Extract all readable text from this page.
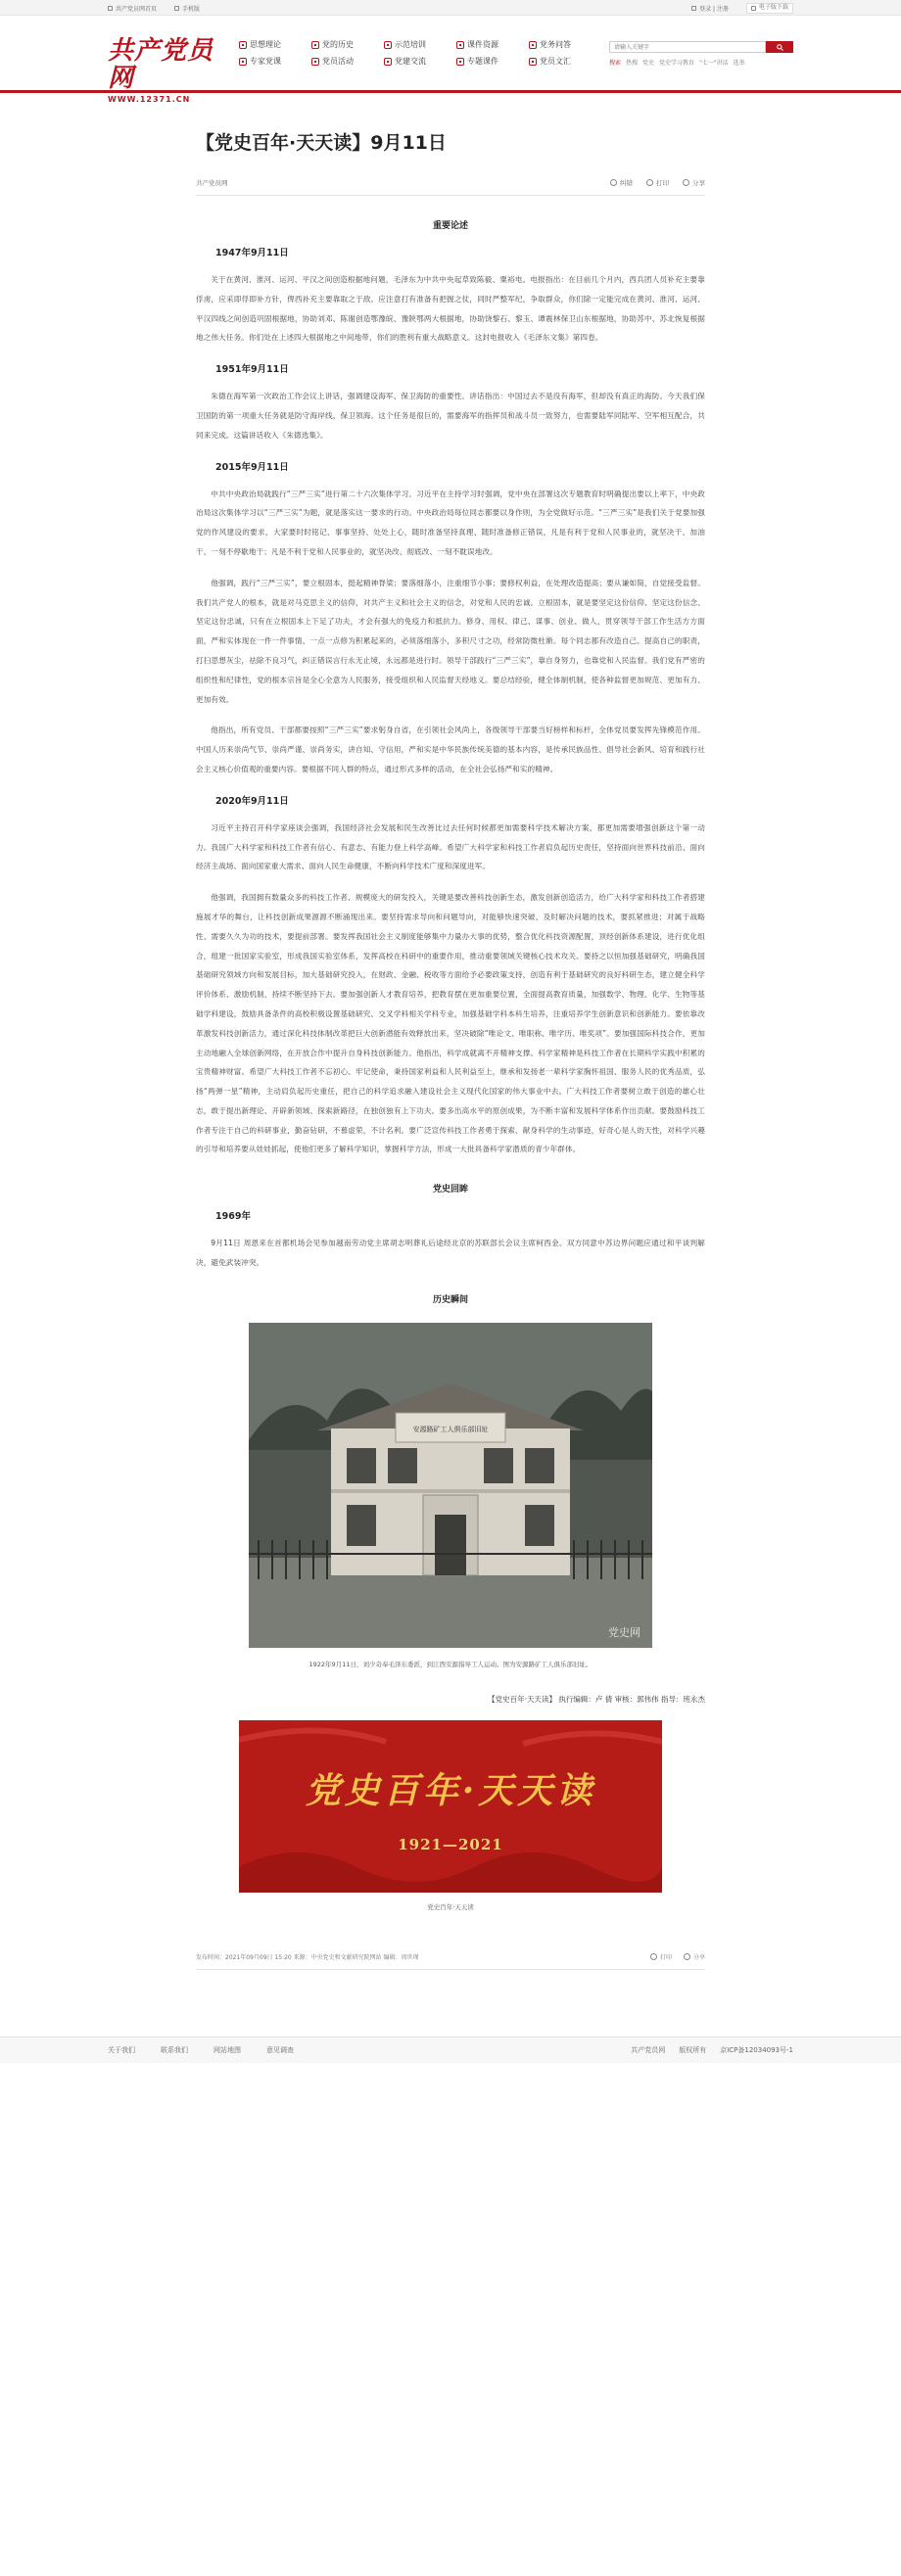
共产党员网首页	手机版	登录 | 注册	电子版下载
共产党员网
WWW.12371.CN
思想理论	党的历史	示范培训	课件资源	党务问答
专家党课	党员活动	党建交流	专题课件	党员文汇
请输入关键字	搜索 热搜 党史 党史学习教育 "七一"讲话 选举
【党史百年·天天读】9月11日
共产党员网	纠错	打印	分享
重要论述
1947年9月11日

关于在黄河、淮河、运河、平汉之间创造根据地问题，毛泽东为中共中央起草致陈毅、粟裕电。电报指出：在目前几个月内，西兵团人员补充主要靠俘虏，应采即俘即补方针，俾西补充主要靠取之于敌。应注意打有准备有把握之仗，同时严整军纪，争取群众，你们除一定能完成在黄河、淮河、运河、平汉四线之间创造巩固根据地，协助刘邓、陈谢创造鄂豫皖、豫陕鄂两大根据地，协助饶黎石、黎玉、谭震林保卫山东根据地，协助苏中、苏北恢复根据地之伟大任务。你们处在上述四大根据地之中间地带，你们的胜利有重大战略意义。这封电报收入《毛泽东文集》第四卷。

1951年9月11日

朱德在海军第一次政治工作会议上讲话，强调建设海军、保卫海防的重要性。讲话指出：中国过去不是没有海军，但却没有真正的海防。今天我们保卫国防的第一项重大任务就是防守海岸线，保卫领海。这个任务是很巨的，需要海军的指挥员和战斗员一致努力，也需要陆军同陆军、空军相互配合，共同来完成。这篇讲话收入《朱德选集》。

2015年9月11日

中共中央政治局就践行“三严三实”进行第二十六次集体学习。习近平在主持学习时强调，党中央在部署这次专题教育时明确提出要以上率下，中央政治局这次集体学习以“三严三实”为题，就是落实这一要求的行动。中央政治局每位同志都要以身作则，为全党做好示范。“三严三实”是我们关于党要加强党的作风建设的要求，大家要时时铭记、事事坚持、处处上心，随时准备坚持真理、随时准备修正错误，凡是有利于党和人民事业的，就坚决干、加油干、一刻不停歇地干；凡是不利于党和人民事业的，就坚决改、彻底改、一刻不耽误地改。

他强调，践行“三严三实”，要立根固本，挺起精神脊梁；要落细落小，注重细节小事；要修权利益，在处理改造提高；要从谦如简，自觉接受监督。我们共产党人的根本，就是对马克思主义的信仰，对共产主义和社会主义的信念，对党和人民的忠诚。立根固本，就是要坚定这份信仰、坚定这份信念、坚定这份忠诚，只有在立根固本上下足了功夫，才会有强大的免疫力和抵抗力。修身、用权、律己、谋事、创业、做人，贯穿领导干部工作生活方方面面，严和实体现在一件一件事情、一点一点修为积累起来的，必须落细落小，多积尺寸之功，经常防微杜渐。每个同志都有改造自己、提高自己的职责，打扫思想灰尘，祛除不良习气，纠正错误言行永无止境，永远都是进行时。领导干部践行“三严三实”，靠自身努力，也靠党和人民监督。我们党有严密的组织性和纪律性，党的根本宗旨是全心全意为人民服务，接受组织和人民监督天经地义。要总结经验，健全体制机制，使各种监督更加规范、更加有力、更加有效。

他指出，所有党员、干部都要按照“三严三实”要求躬身自省，在引领社会风尚上，各级领导干部要当好榜样和标杆，全体党员要发挥先锋模范作用。中国人历来崇尚气节、崇尚严谨、崇尚务实，讲自知、守信用，严和实是中华民族传统美德的基本内容，是传承民族品性、倡导社会新风、培育和践行社会主义核心价值观的重要内容。要根据不同人群的特点，通过形式多样的活动，在全社会弘扬严和实的精神。

2020年9月11日

习近平主持召开科学家座谈会强调，我国经济社会发展和民生改善比过去任何时候都更加需要科学技术解决方案，都更加需要增强创新这个第一动力。我国广大科学家和科技工作者有信心、有意志、有能力登上科学高峰。希望广大科学家和科技工作者肩负起历史责任，坚持面向世界科技前沿、面向经济主战场、面向国家重大需求、面向人民生命健康，不断向科学技术广度和深度进军。

他强调，我国拥有数量众多的科技工作者、规模庞大的研发投入，关键是要改善科技创新生态，激发创新创造活力，给广大科学家和科技工作者搭建施展才华的舞台，让科技创新成果源源不断涌现出来。要坚持需求导向和问题导向，对能够快速突破、及时解决问题的技术，要抓紧推进；对属于战略性、需要久久为功的技术，要提前部署。要发挥我国社会主义制度能够集中力量办大事的优势，整合优化科技资源配置，顶经创新体系建设，进行优化组合，组建一批国家实验室，形成我国实验室体系，发挥高校在科研中的重要作用，推动重要领域关键核心技术攻关。要持之以恒加强基础研究，明确我国基础研究领域方向和发展目标，加大基础研究投入，在财政、金融、税收等方面给予必要政策支持，创造有利于基础研究的良好科研生态，建立健全科学评价体系、激励机制，持续不断坚持下去。要加强创新人才教育培养，把教育摆在更加重要位置，全面提高教育质量，加强数学、物理、化学、生物等基础学科建设，鼓励具备条件的高校积极设置基础研究、交叉学科相关学科专业，加强基础学科本科生培养，注重培养学生创新意识和创新能力。要依靠改革激发科技创新活力，通过深化科技体制改革把巨大创新潜能有效释放出来，坚决破除“唯论文、唯职称、唯学历、唯奖项”。要加强国际科技合作，更加主动地融入全球创新网络，在开放合作中提升自身科技创新能力。他指出，科学成就离不开精神支撑。科学家精神是科技工作者在长期科学实践中积累的宝贵精神财富。希望广大科技工作者不忘初心、牢记使命，秉持国家利益和人民利益至上，继承和发扬老一辈科学家胸怀祖国、服务人民的优秀品质，弘扬“两弹一星”精神，主动肩负起历史重任，把自己的科学追求融入建设社会主义现代化国家的伟大事业中去。广大科技工作者要树立敢于创造的雄心壮志，敢于提出新理论、开辟新领域、探索新路径，在独创独有上下功夫。要多出高水平的原创成果，为不断丰富和发展科学体系作出贡献。要鼓励科技工作者专注于自己的科研事业，勤奋钻研，不慕虚荣，不计名利。要广泛宣传科技工作者勇于探索、献身科学的生动事迹，好奇心是人的天性，对科学兴趣的引导和培养要从娃娃抓起，使他们更多了解科学知识，掌握科学方法，形成一大批具备科学家潜质的青少年群体。

党史回眸
1969年

9月11日 周恩来在首都机场会见参加越南劳动党主席胡志明葬礼后途经北京的苏联部长会议主席柯西金。双方同意中苏边界问题应通过和平谈判解决，避免武装冲突。

历史瞬间
安源路矿工人俱乐部旧址
党史网
1922年9月11日，刘少奇奉毛泽东委派，到江西安源指导工人运动。图为安源路矿工人俱乐部旧址。
【党史百年·天天读】 执行编辑：卢 倩 审核：郭伟伟 指导：班永杰
党史百年·天天读
1921—2021
党史百年·天天读
发布时间：2021年09月09日 15:20 来源：中央党史和文献研究院网站 编辑：周世瑾	打印	分享
关于我们	联系我们	网站地图	意见调查	共产党员网 版权所有 京ICP备12034093号-1
